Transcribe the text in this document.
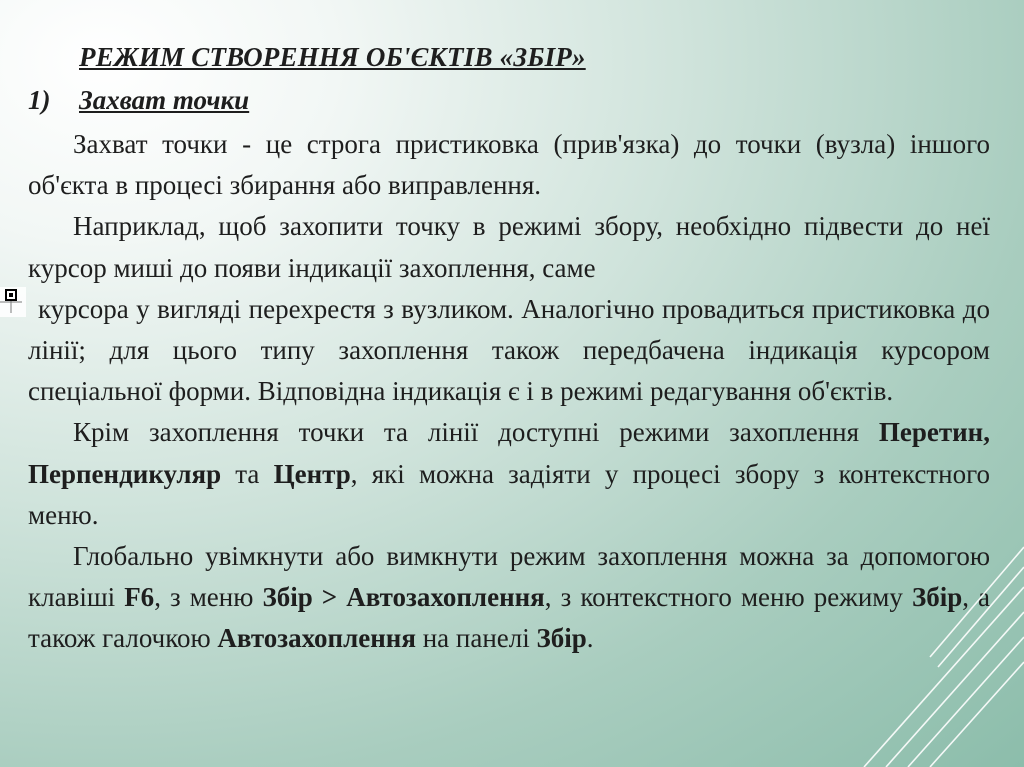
РЕЖИМ СТВОРЕННЯ ОБ'ЄКТІВ «ЗБІР»
1) Захват точки

Захват точки - це строга пристиковка (прив'язка) до точки (вузла) іншого об'єкта в процесі збирання або виправлення.

Наприклад, щоб захопити точку в режимі збору, необхідно підвести до неї курсор миші до появи індикації захоплення, саме

курсора у вигляді перехрестя з вузликом. Аналогічно провадиться пристиковка до лінії; для цього типу захоплення також передбачена індикація курсором спеціальної форми. Відповідна індикація є і в режимі редагування об'єктів.

Крім захоплення точки та лінії доступні режими захоплення Перетин, Перпендикуляр та Центр, які можна задіяти у процесі збору з контекстного меню.

Глобально увімкнути або вимкнути режим захоплення можна за допомогою клавіші F6, з меню Збір > Автозахоплення, з контекстного меню режиму Збір, а також галочкою Автозахоплення на панелі Збір.
